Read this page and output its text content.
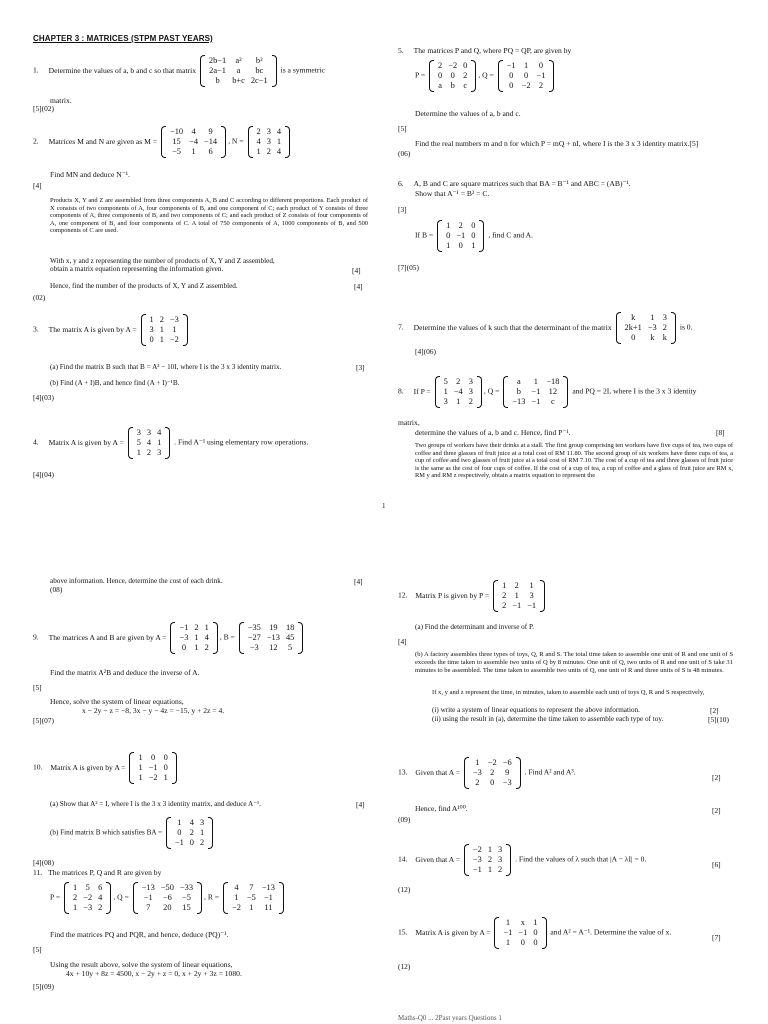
CHAPTER 3 : MATRICES (STPM PAST YEARS)
1. Determine the values of a, b and c so that matrix
2b−1	a²	b²
2a−1	a	bc
b	b+c	2c−1
is a symmetric
matrix.
[5](02)
2. Matrices M and N are given as M =
−10	4	9
15	−4	−14
−5	1	6
, N =
2	3	4
4	3	1
1	2	4
Find MN and deduce N⁻¹.
[4]
Products X, Y and Z are assembled from three components A, B and C according to different proportions. Each product of X consists of two components of A, four components of B, and one component of C; each product of Y consists of three components of A, three components of B, and two components of C; and each product of Z consists of four components of A, one component of B, and four components of C. A total of 750 components of A, 1000 components of B, and 500 components of C are used.
With x, y and z representing the number of products of X, Y and Z assembled,
obtain a matrix equation representing the information given.	[4]
Hence, find the number of the products of X, Y and Z assembled.	[4]
(02)
3. The matrix A is given by A =
1	2	−3
3	1	1
0	1	−2
(a) Find the matrix B such that B = A³ − 10I, where I is the 3 x 3 identity matrix.	[3]
(b) Find (A + I)B, and hence find (A + I)⁻¹B.
[4](03)
4. Matrix A is given by A =
3	3	4
5	4	1
1	2	3
. Find A⁻¹ using elementary row operations.
[4](04)
5. The matrices P and Q, where PQ = QP, are given by
P =
2	−2	0
0	0	2
a	b	c
, Q =
−1	1	0
0	0	−1
0	−2	2
Determine the values of a, b and c.
[5]
Find the real numbers m and n for which P = mQ + nI, where I is the 3 x 3 identity matrix.[5]
(06)
6. A, B and C are square matrices such that BA = B⁻¹ and ABC = (AB)⁻¹.
Show that A⁻¹ = B² = C.
[3]
If B =
1	2	0
0	−1	0
1	0	1
, find C and A.
[7](05)
7. Determine the values of k such that the determinant of the matrix
k	1	3
2k+1	−3	2
0	k	k
is 0.
[4](06)
8. If P =
5	2	3
1	−4	3
3	1	2
, Q =
a	1	−18
b	−1	12
−13	−1	c
and PQ = 2I, where I is the 3 x 3 identity
matrix,
determine the values of a, b and c. Hence, find P⁻¹.	[8]
Two groups of workers have their drinks at a stall. The first group comprising ten workers have five cups of tea, two cups of coffee and three glasses of fruit juice at a total cost of RM 11.80. The second group of six workers have three cups of tea, a cup of coffee and two glasses of fruit juice at a total cost of RM 7.10. The cost of a cup of tea and three glasses of fruit juice is the same as the cost of four cups of coffee. If the cost of a cup of tea, a cup of coffee and a glass of fruit juice are RM x, RM y and RM z respectively, obtain a matrix equation to represent the
1
above information. Hence, determine the cost of each drink.	[4]
(08)
9. The matrices A and B are given by A =
−1	2	1
−3	1	4
0	1	2
, B =
−35	19	18
−27	−13	45
−3	12	5
Find the matrix A²B and deduce the inverse of A.
[5]
Hence, solve the system of linear equations,
x − 2y − z = −8, 3x − y − 4z = −15, y + 2z = 4.
[5](07)
10. Matrix A is given by A =
1	0	0
1	−1	0
1	−2	1
(a) Show that A² = I, where I is the 3 x 3 identity matrix, and deduce A⁻¹.	[4]
(b) Find matrix B which satisfies BA =
1	4	3
0	2	1
−1	0	2
[4](08)
11. The matrices P, Q and R are given by
P =
1	5	6
2	−2	4
1	−3	2
, Q =
−13	−50	−33
−1	−6	−5
7	20	15
, R =
4	7	−13
1	−5	−1
−2	1	11
Find the matrices PQ and PQR, and hence, deduce (PQ)⁻¹.
[5]
Using the result above, solve the system of linear equations,
4x + 10y + 8z = 4500, x − 2y + z = 0, x + 2y + 3z = 1080.
[5](09)
12. Matrix P is given by P =
1	2	1
2	1	3
2	−1	−1
(a) Find the determinant and inverse of P.
[4]
(b) A factory assembles three types of toys, Q, R and S. The total time taken to assemble one unit of R and one unit of S exceeds the time taken to assemble two units of Q by 8 minutes. One unit of Q, two units of R and one unit of S take 31 minutes to be assembled. The time taken to assemble two units of Q, one unit of R and three units of S is 48 minutes.
If x, y and z represent the time, in minutes, taken to assemble each unit of toys Q, R and S respectively,
(i) write a system of linear equations to represent the above information.	[2]
(ii) using the result in (a), determine the time taken to assemble each type of toy.	[5](10)
13. Given that A =
1	−2	−6
−3	2	9
2	0	−3
. Find A² and A³.
[2]
Hence, find A¹⁰⁰.	[2]
(09)
14. Given that A =
−2	1	3
−3	2	3
−1	1	2
. Find the values of λ such that |A − λI| = 0.
[6]
(12)
15. Matrix A is given by A =
1	x	1
−1	−1	0
1	0	0
and A² = A⁻¹. Determine the value of x.
[7]
(12)
Maths-Q0 ... 2Past years Questions 1
